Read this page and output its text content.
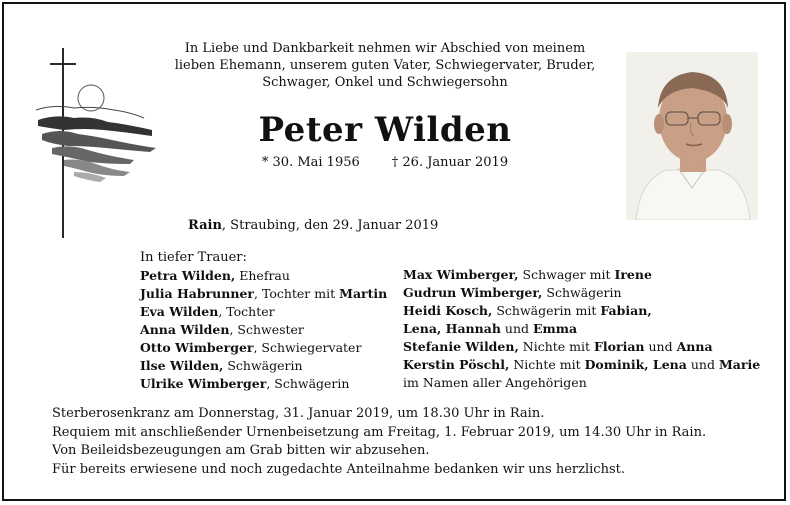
In Liebe und Dankbarkeit nehmen wir Abschied von meinem
lieben Ehemann, unserem guten Vater, Schwiegervater, Bruder,
Schwager, Onkel und Schwiegersohn
Peter Wilden
* 30. Mai 1956 † 26. Januar 2019
Rain, Straubing, den 29. Januar 2019
In tiefer Trauer:
Petra Wilden, Ehefrau
Julia Habrunner, Tochter mit Martin
Eva Wilden, Tochter
Anna Wilden, Schwester
Otto Wimberger, Schwiegervater
Ilse Wilden, Schwägerin
Ulrike Wimberger, Schwägerin
Max Wimberger, Schwager mit Irene
Gudrun Wimberger, Schwägerin
Heidi Kosch, Schwägerin mit Fabian,
Lena, Hannah und Emma
Stefanie Wilden, Nichte mit Florian und Anna
Kerstin Pöschl, Nichte mit Dominik, Lena und Marie
im Namen aller Angehörigen
Sterberosenkranz am Donnerstag, 31. Januar 2019, um 18.30 Uhr in Rain.
Requiem mit anschließender Urnenbeisetzung am Freitag, 1. Februar 2019, um 14.30 Uhr in Rain.
Von Beileidsbezeugungen am Grab bitten wir abzusehen.
Für bereits erwiesene und noch zugedachte Anteilnahme bedanken wir uns herzlichst.
